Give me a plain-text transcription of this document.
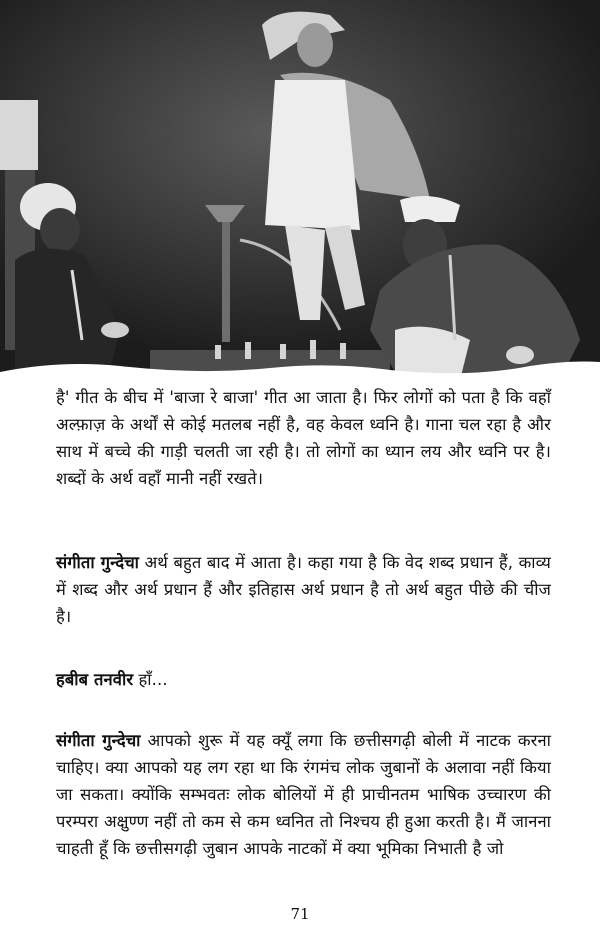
है' गीत के बीच में 'बाजा रे बाजा' गीत आ जाता है। फिर लोगों को पता है कि वहाँ अल्फ़ाज़ के अर्थों से कोई मतलब नहीं है, वह केवल ध्वनि है। गाना चल रहा है और साथ में बच्चे की गाड़ी चलती जा रही है। तो लोगों का ध्यान लय और ध्वनि पर है। शब्दों के अर्थ वहाँ मानी नहीं रखते।
संगीता गुन्देचा अर्थ बहुत बाद में आता है। कहा गया है कि वेद शब्द प्रधान हैं, काव्य में शब्द और अर्थ प्रधान हैं और इतिहास अर्थ प्रधान है तो अर्थ बहुत पीछे की चीज है।
हबीब तनवीर हाँ...
संगीता गुन्देचा आपको शुरू में यह क्यूँ लगा कि छत्तीसगढ़ी बोली में नाटक करना चाहिए। क्या आपको यह लग रहा था कि रंगमंच लोक जुबानों के अलावा नहीं किया जा सकता। क्योंकि सम्भवतः लोक बोलियों में ही प्राचीनतम भाषिक उच्चारण की परम्परा अक्षुण्ण नहीं तो कम से कम ध्वनित तो निश्चय ही हुआ करती है। मैं जानना चाहती हूँ कि छत्तीसगढ़ी जुबान आपके नाटकों में क्या भूमिका निभाती है जो
71
